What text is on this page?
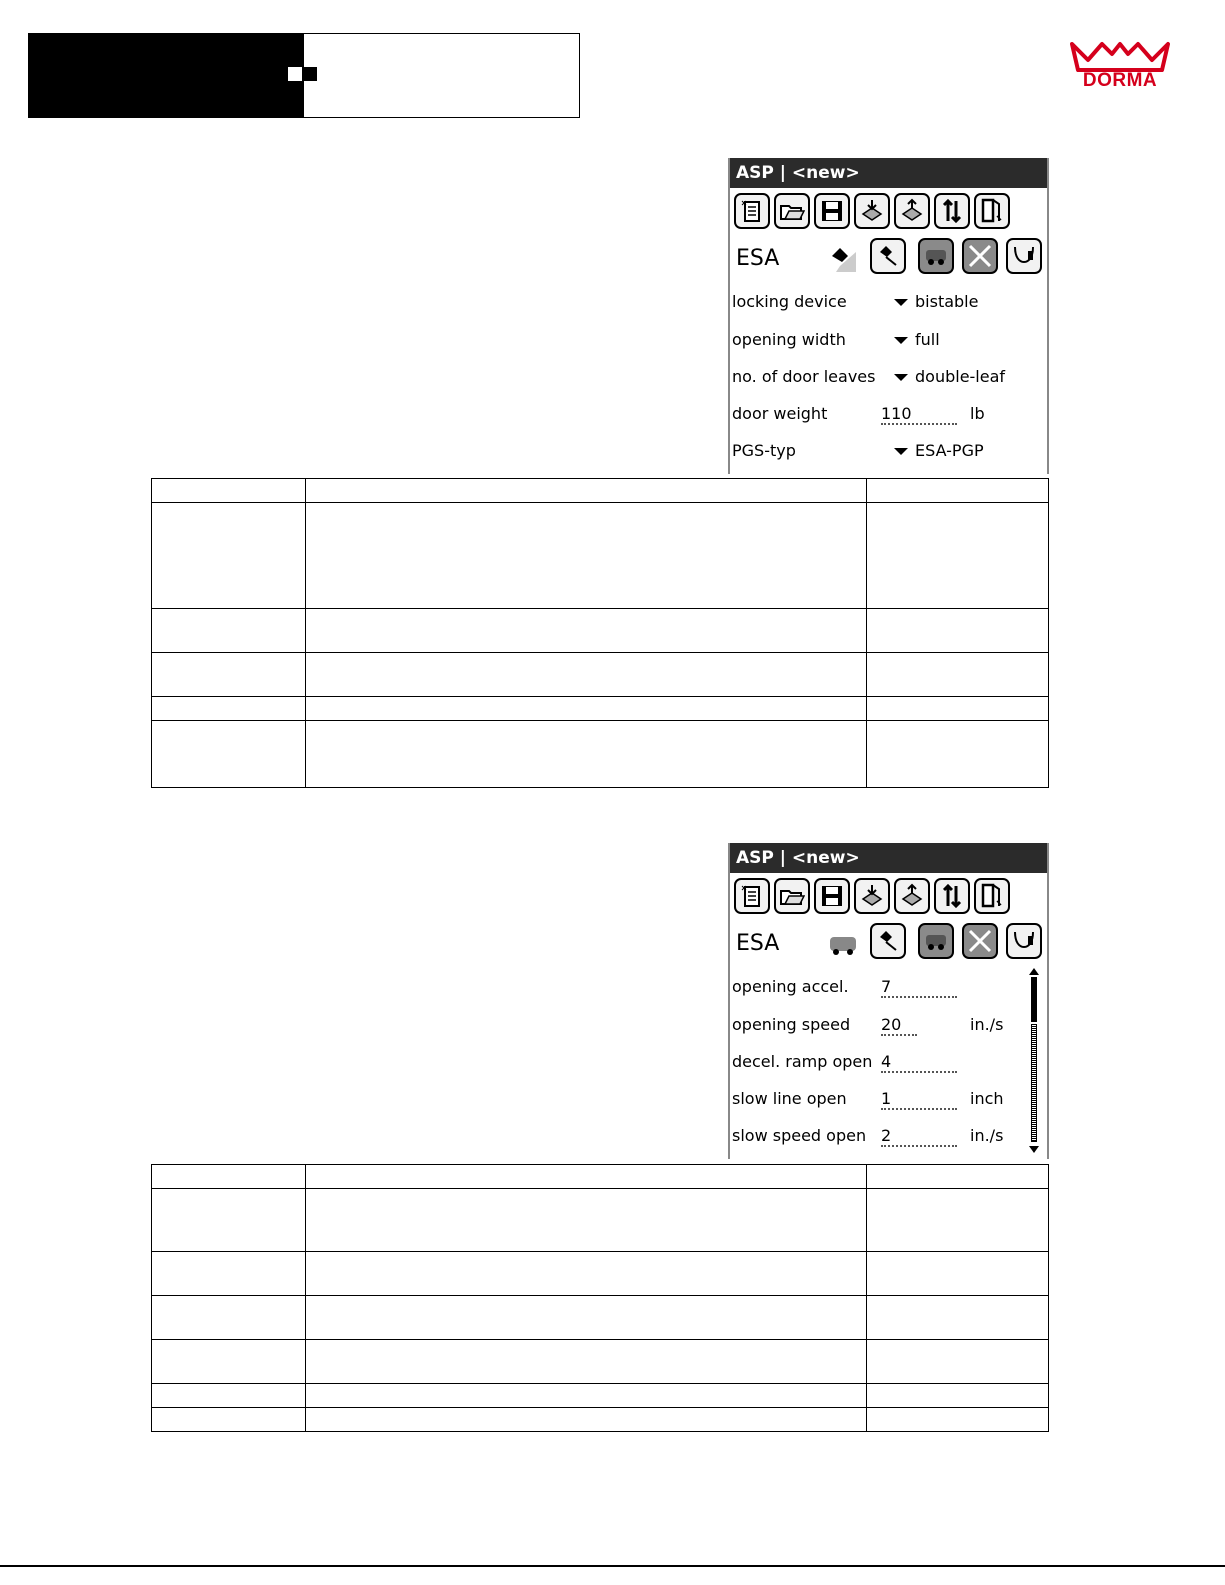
DORMA
ASP | <new>
ESA
locking device	bistable
opening width	full
no. of door leaves double-leaf
door weight	110	lb
PGS-typ	ESA-PGP

ASP | <new>
ESA
opening accel. 7
opening speed 20	in./s
decel. ramp open 4
slow line open 1	inch
slow speed open 2	in./s
